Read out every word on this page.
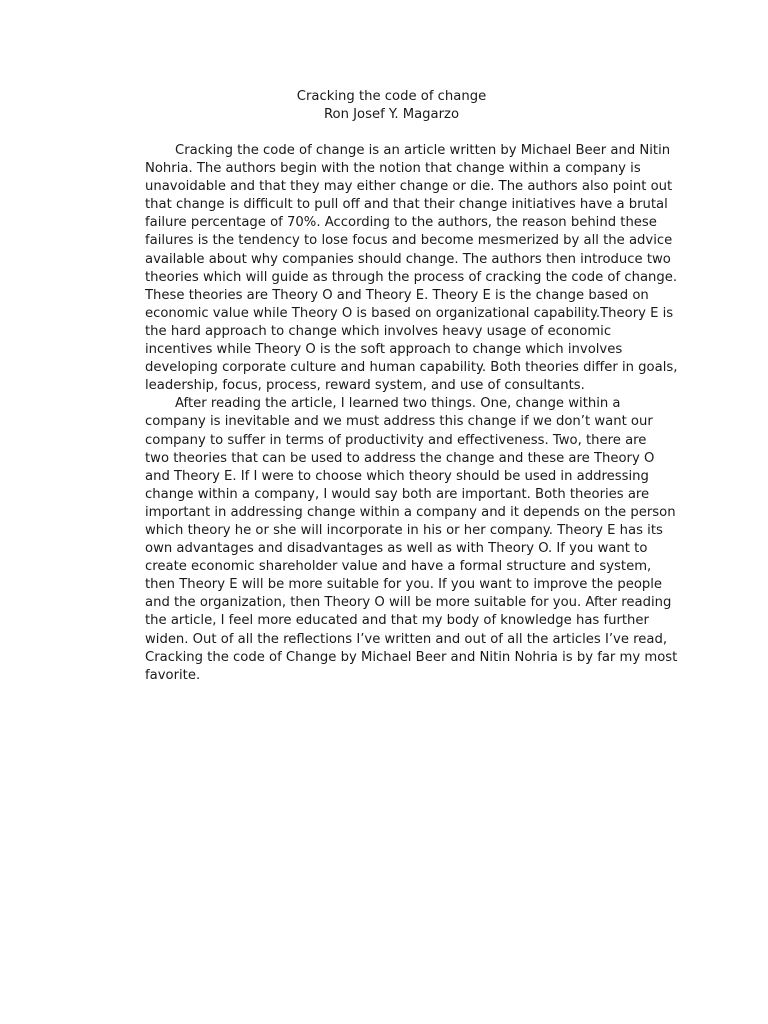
Cracking the code of change
Ron Josef Y. Magarzo
Cracking the code of change is an article written by Michael Beer and Nitin
Nohria. The authors begin with the notion that change within a company is
unavoidable and that they may either change or die. The authors also point out
that change is difficult to pull off and that their change initiatives have a brutal
failure percentage of 70%. According to the authors, the reason behind these
failures is the tendency to lose focus and become mesmerized by all the advice
available about why companies should change. The authors then introduce two
theories which will guide as through the process of cracking the code of change.
These theories are Theory O and Theory E. Theory E is the change based on
economic value while Theory O is based on organizational capability.Theory E is
the hard approach to change which involves heavy usage of economic
incentives while Theory O is the soft approach to change which involves
developing corporate culture and human capability. Both theories differ in goals,
leadership, focus, process, reward system, and use of consultants.
After reading the article, I learned two things. One, change within a
company is inevitable and we must address this change if we don’t want our
company to suffer in terms of productivity and effectiveness. Two, there are
two theories that can be used to address the change and these are Theory O
and Theory E. If I were to choose which theory should be used in addressing
change within a company, I would say both are important. Both theories are
important in addressing change within a company and it depends on the person
which theory he or she will incorporate in his or her company. Theory E has its
own advantages and disadvantages as well as with Theory O. If you want to
create economic shareholder value and have a formal structure and system,
then Theory E will be more suitable for you. If you want to improve the people
and the organization, then Theory O will be more suitable for you. After reading
the article, I feel more educated and that my body of knowledge has further
widen. Out of all the reflections I’ve written and out of all the articles I’ve read,
Cracking the code of Change by Michael Beer and Nitin Nohria is by far my most
favorite.
